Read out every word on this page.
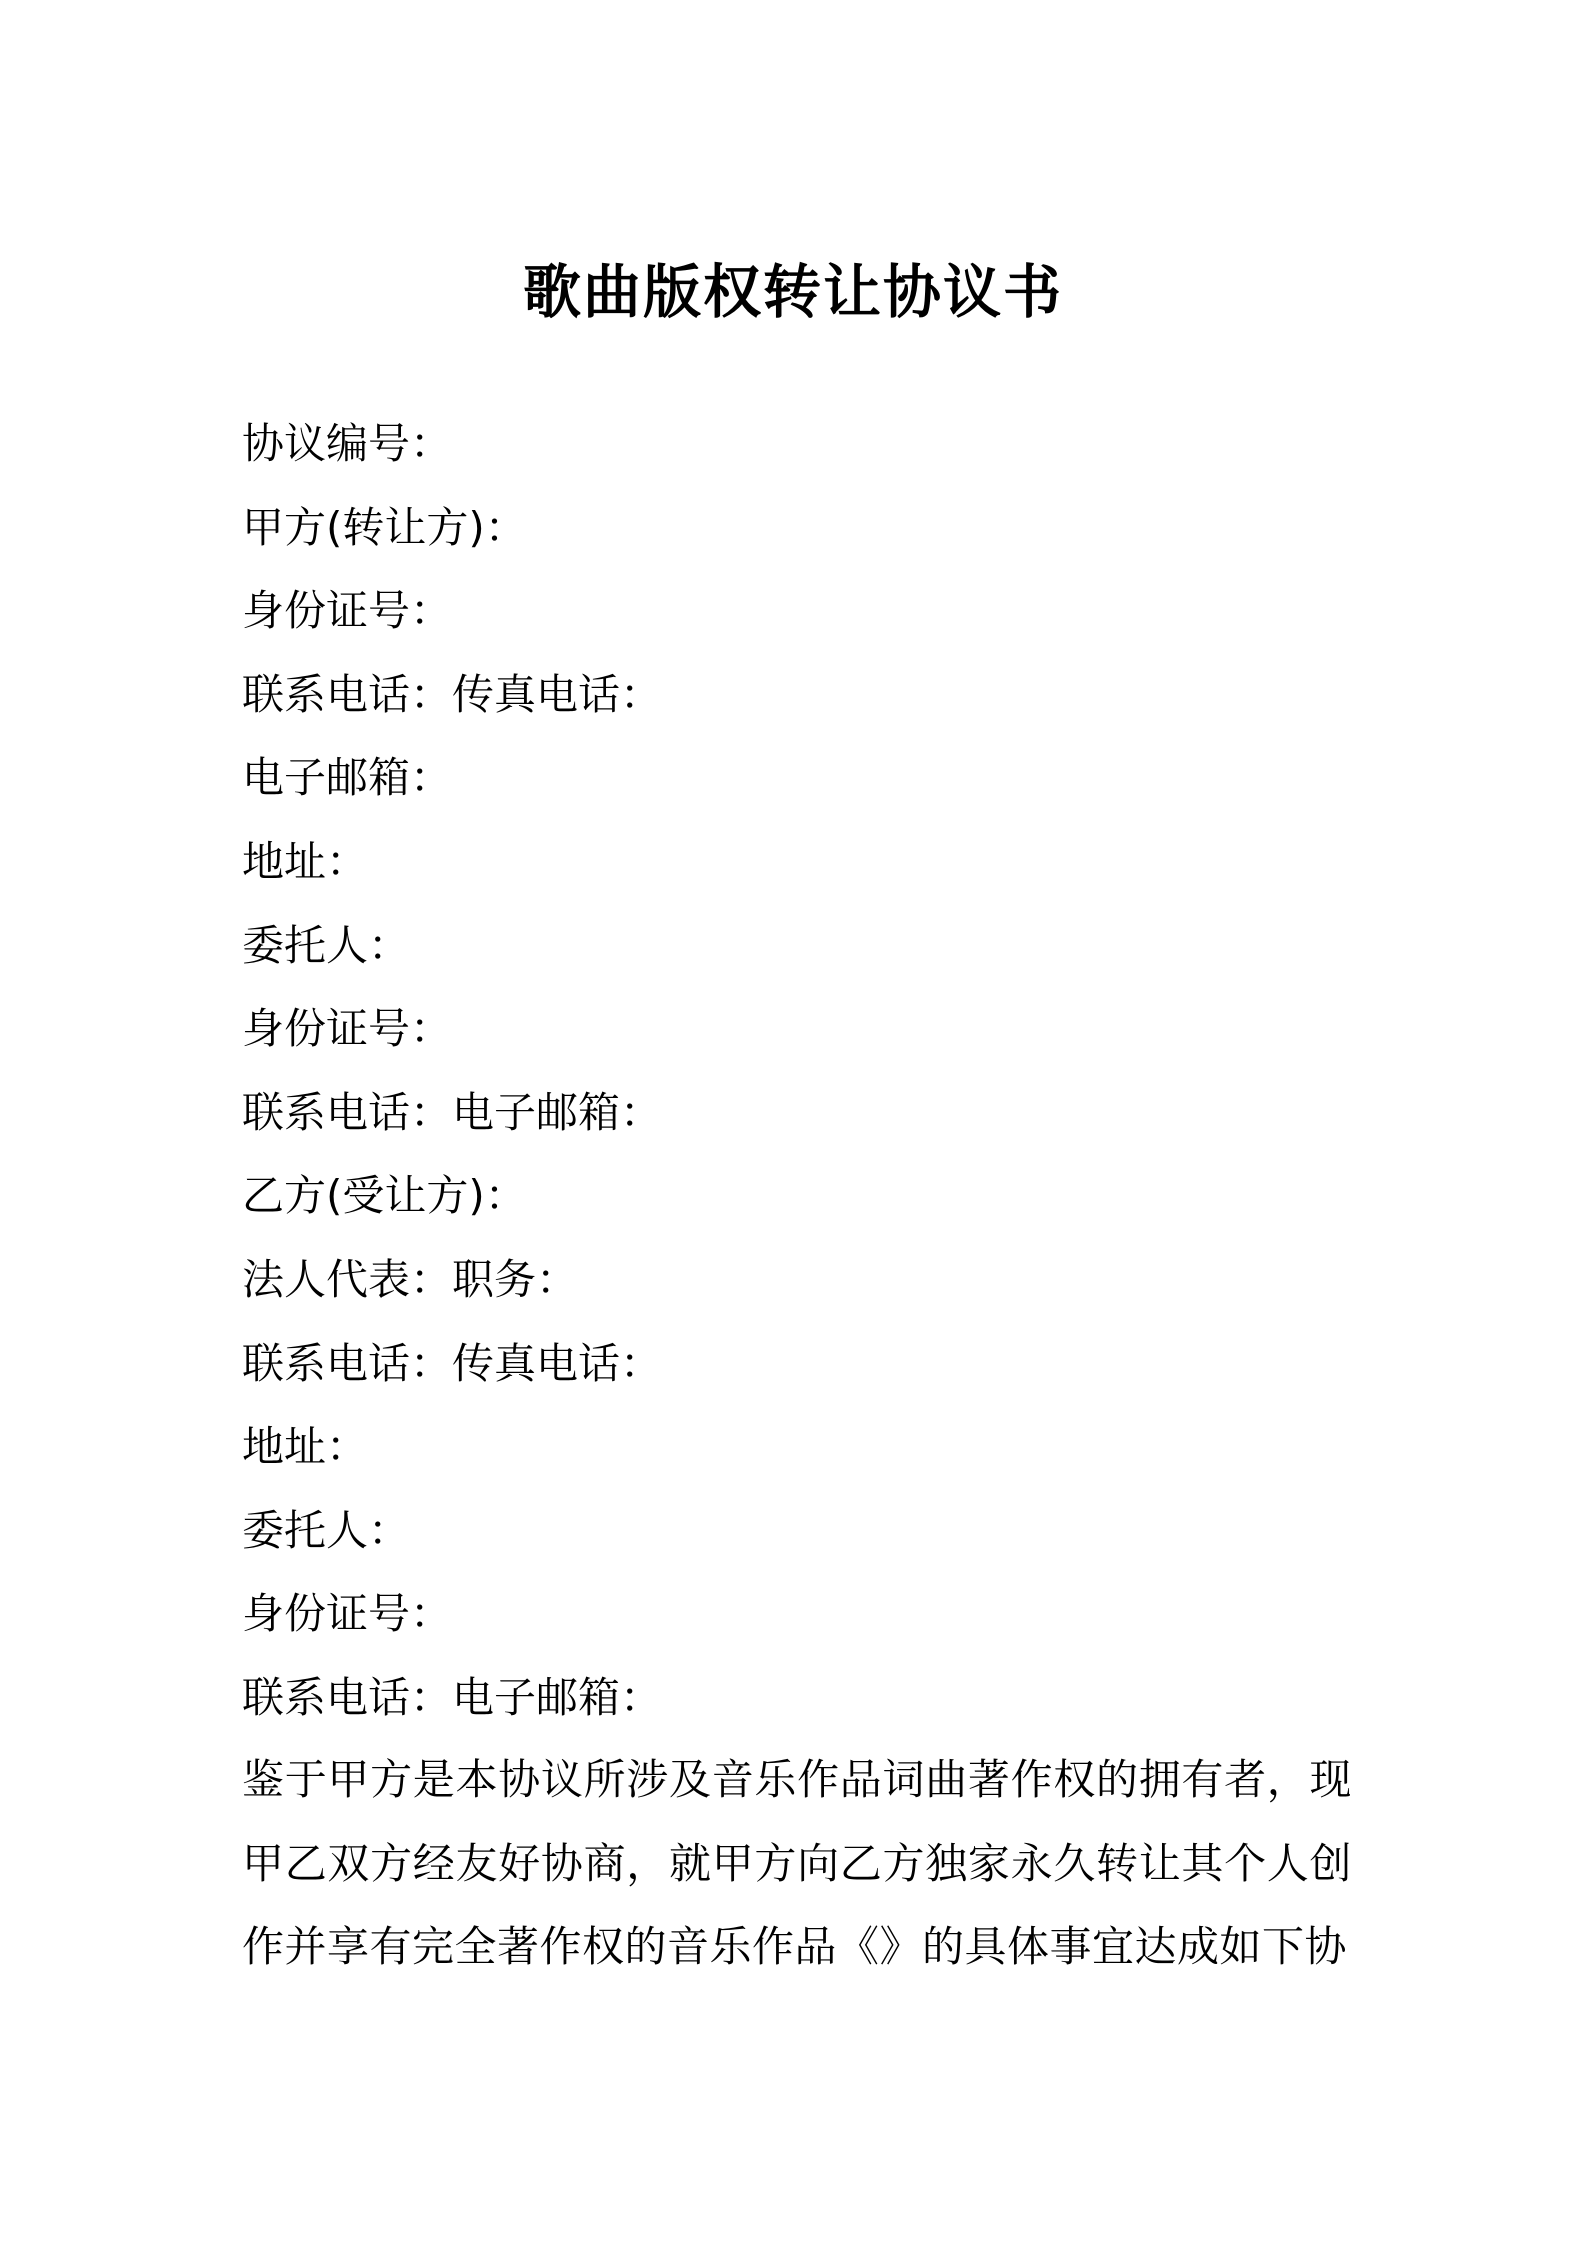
歌曲版权转让协议书
协议编号：
甲方(转让方)：
身份证号：
联系电话：传真电话：
电子邮箱：
地址：
委托人：
身份证号：
联系电话：电子邮箱：
乙方(受让方)：
法人代表：职务：
联系电话：传真电话：
地址：
委托人：
身份证号：
联系电话：电子邮箱：

鉴于甲方是本协议所涉及音乐作品词曲著作权的拥有者，现甲乙双方经友好协商，就甲方向乙方独家永久转让其个人创作并享有完全著作权的音乐作品《》的具体事宜达成如下协
